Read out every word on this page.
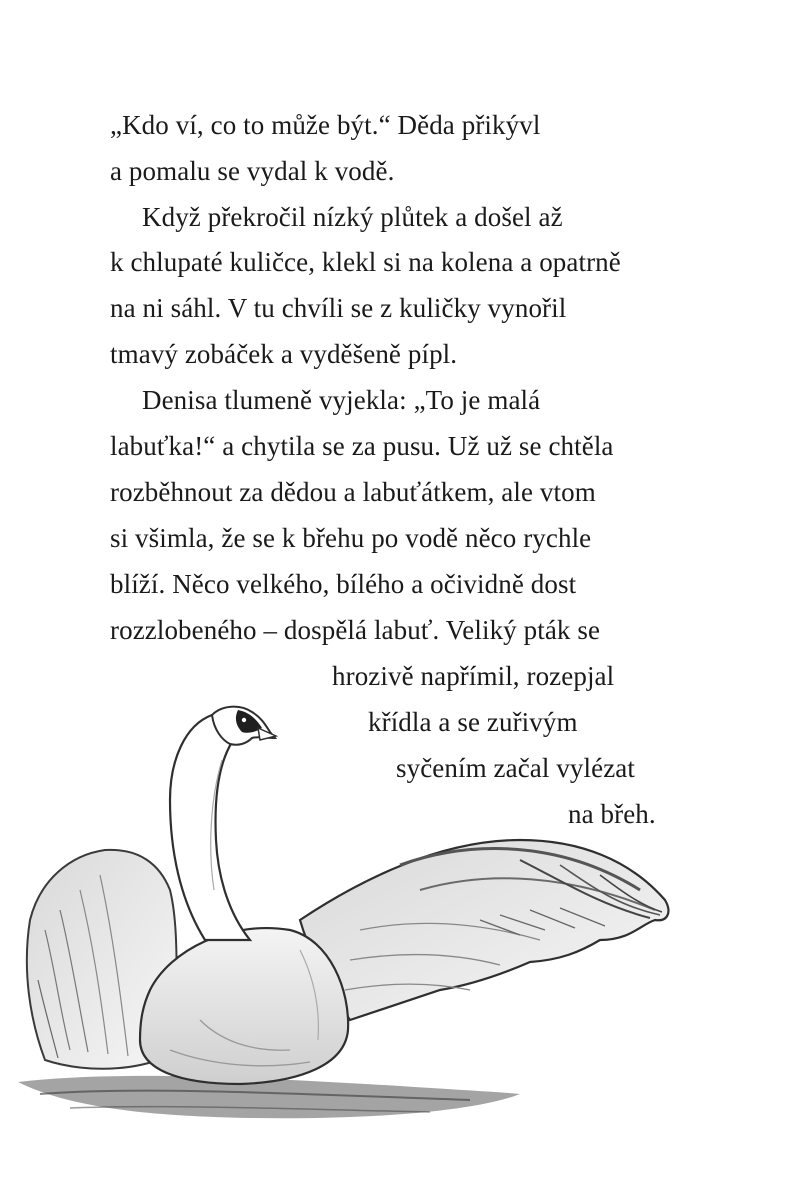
„Kdo ví, co to může být.“ Děda přikývl
a pomalu se vydal k vodě.
Když překročil nízký plůtek a došel až
k chlupaté kuličce, klekl si na kolena a opatrně
na ni sáhl. V tu chvíli se z kuličky vynořil
tmavý zobáček a vyděšeně pípl.
Denisa tlumeně vyjekla: „To je malá
labuťka!“ a chytila se za pusu. Už už se chtěla
rozběhnout za dědou a labuťátkem, ale vtom
si všimla, že se k břehu po vodě něco rychle
blíží. Něco velkého, bílého a očividně dost
rozzlobeného – dospělá labuť. Veliký pták se
hrozivě napřímil, rozepjal
křídla a se zuřivým
syčením začal vylézat
na břeh.
